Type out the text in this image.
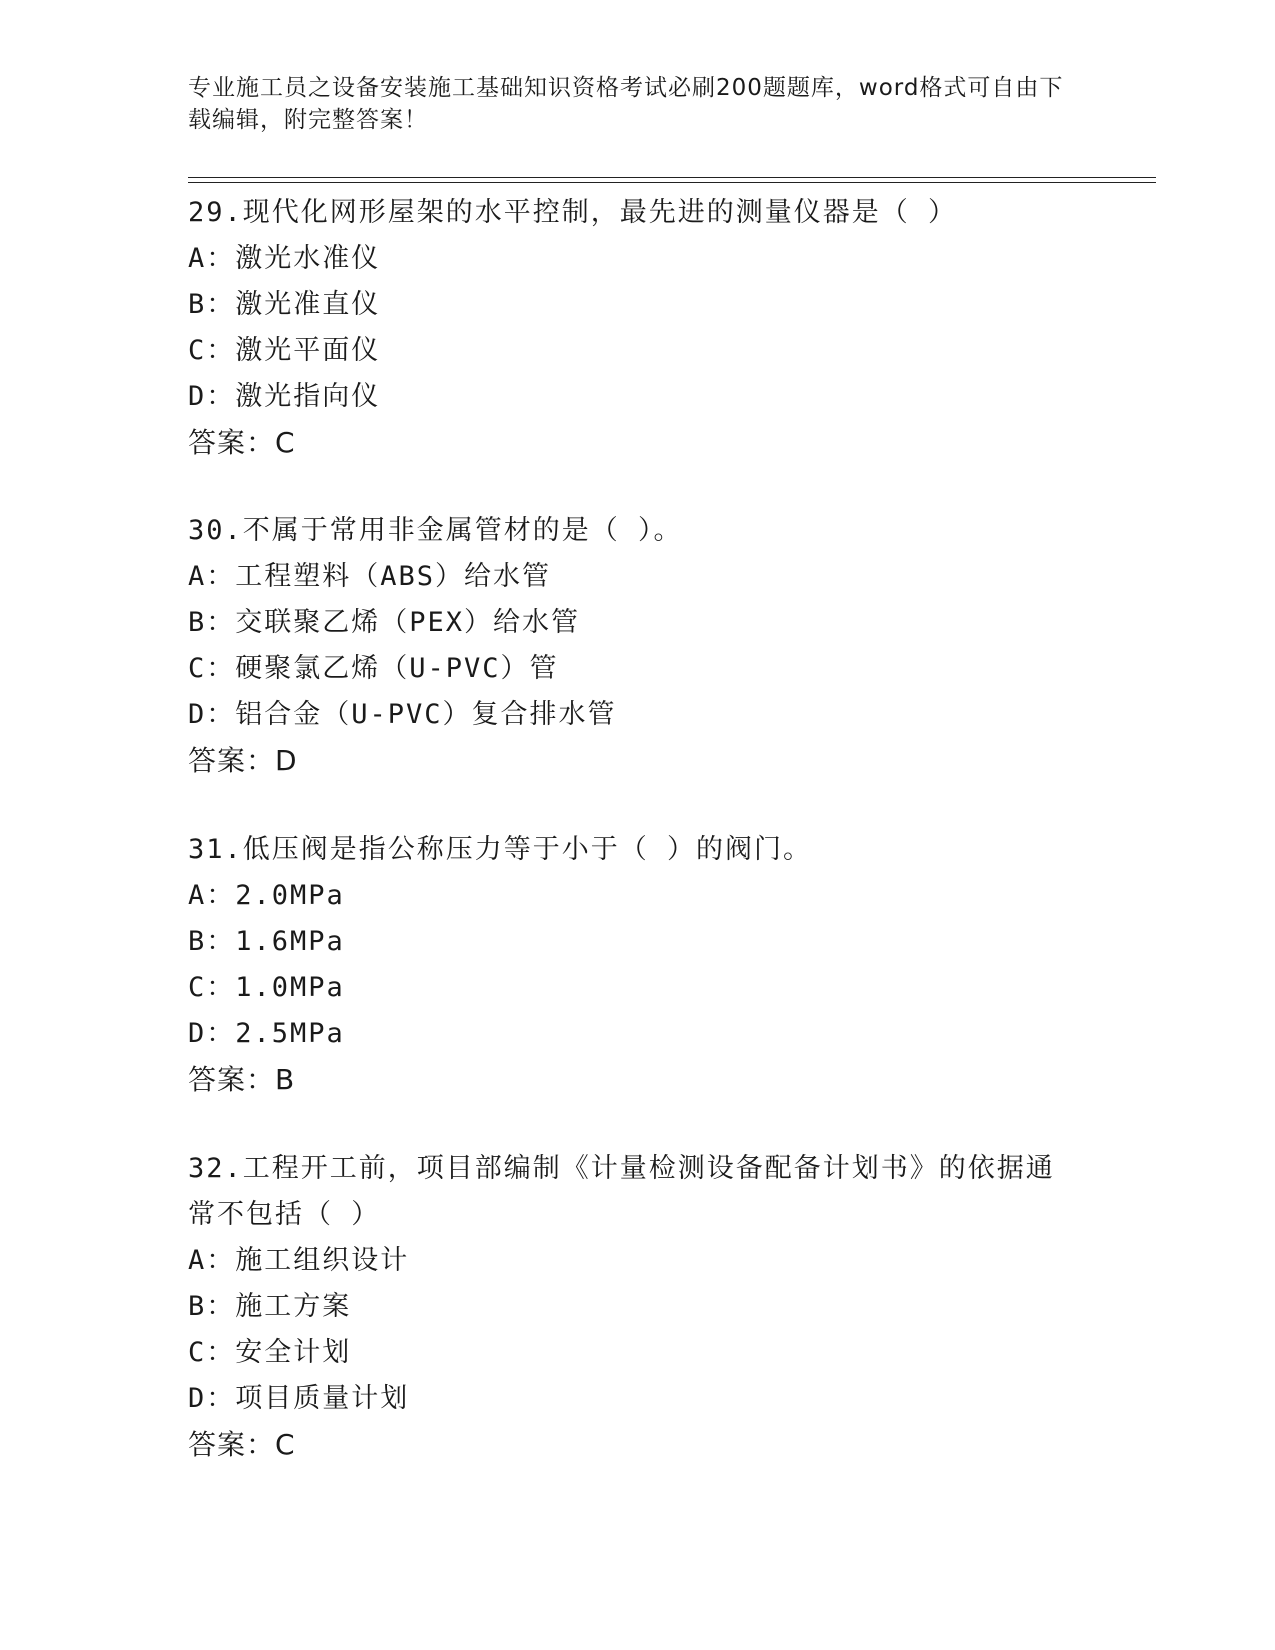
专业施工员之设备安装施工基础知识资格考试必刷200题题库，word格式可自由下载编辑，附完整答案！
29.现代化网形屋架的水平控制，最先进的测量仪器是（ ）
A：激光水准仪
B：激光准直仪
C：激光平面仪
D：激光指向仪
答案：C
30.不属于常用非金属管材的是（ ）。
A：工程塑料（ABS）给水管
B：交联聚乙烯（PEX）给水管
C：硬聚氯乙烯（U-PVC）管
D：铝合金（U-PVC）复合排水管
答案：D
31.低压阀是指公称压力等于小于（ ）的阀门。
A：2.0MPa
B：1.6MPa
C：1.0MPa
D：2.5MPa
答案：B
32.工程开工前，项目部编制《计量检测设备配备计划书》的依据通常不包括（ ）
A：施工组织设计
B：施工方案
C：安全计划
D：项目质量计划
答案：C
